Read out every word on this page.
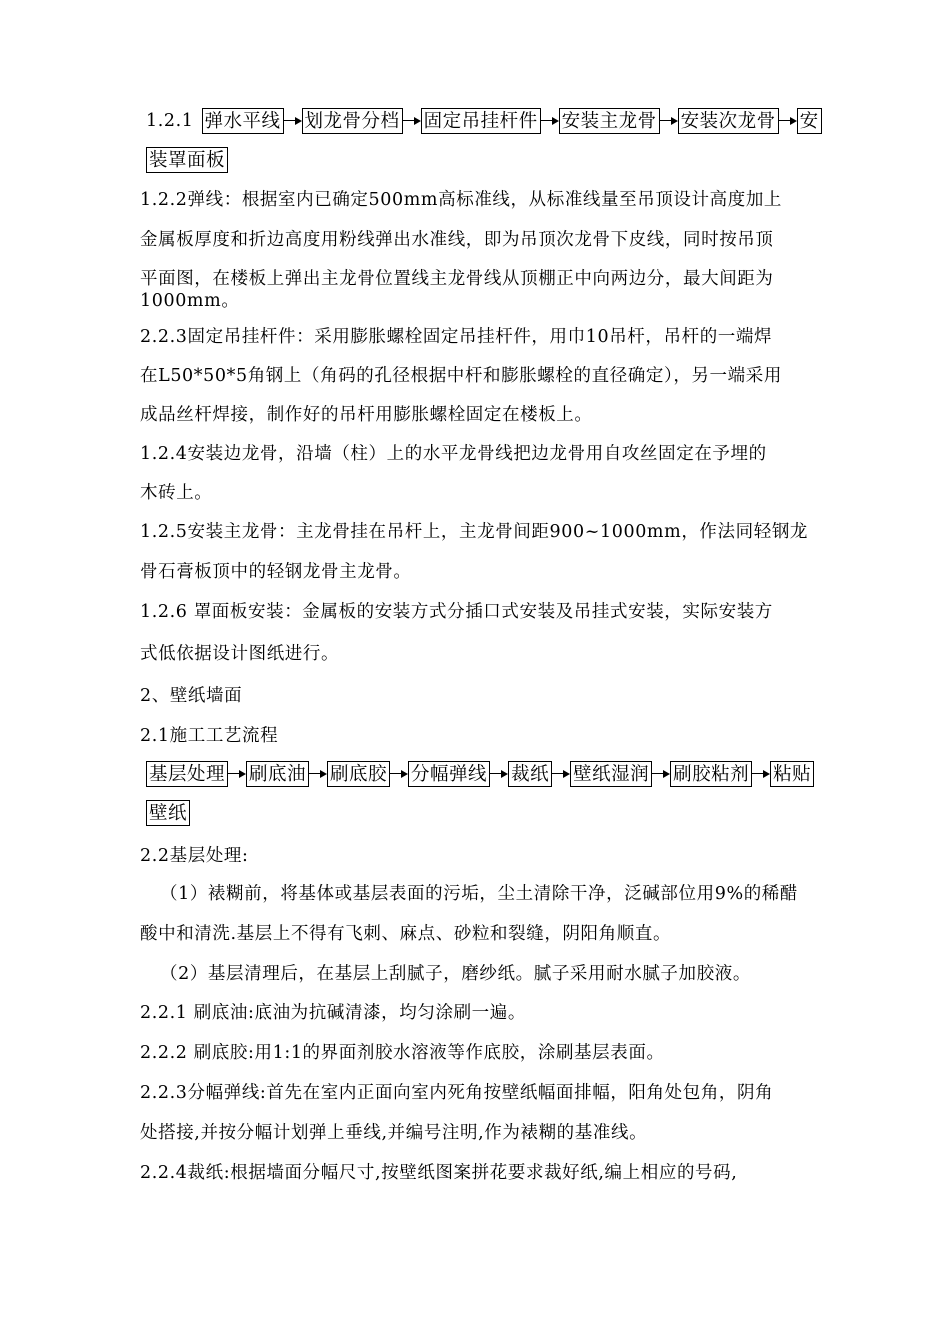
1.2.1 弹水平线 划龙骨分档 固定吊挂杆件 安装主龙骨 安装次龙骨 安
装罩面板
1.2.2弹线：根据室内已确定500mm高标准线，从标准线量至吊顶设计高度加上
金属板厚度和折边高度用粉线弹出水准线，即为吊顶次龙骨下皮线，同时按吊顶
平面图，在楼板上弹出主龙骨位置线主龙骨线从顶棚正中向两边分，最大间距为
1000mm。
2.2.3固定吊挂杆件：采用膨胀螺栓固定吊挂杆件，用巾10吊杆，吊杆的一端焊
在L50*50*5角钢上（角码的孔径根据中杆和膨胀螺栓的直径确定），另一端采用
成品丝杆焊接，制作好的吊杆用膨胀螺栓固定在楼板上。
1.2.4安装边龙骨，沿墙（柱）上的水平龙骨线把边龙骨用自攻丝固定在予埋的
木砖上。
1.2.5安装主龙骨：主龙骨挂在吊杆上，主龙骨间距900~1000mm，作法同轻钢龙
骨石膏板顶中的轻钢龙骨主龙骨。
1.2.6 罩面板安装：金属板的安装方式分插口式安装及吊挂式安装，实际安装方
式低依据设计图纸进行。
2、壁纸墙面
2.1施工工艺流程
基层处理 刷底油 刷底胶 分幅弹线 裁纸 壁纸湿润 刷胶粘剂 粘贴
壁纸
2.2基层处理:
（1）裱糊前，将基体或基层表面的污垢，尘土清除干净，泛碱部位用9%的稀醋
酸中和清洗.基层上不得有飞刺、麻点、砂粒和裂缝，阴阳角顺直。
（2）基层清理后，在基层上刮腻子，磨纱纸。腻子采用耐水腻子加胶液。
2.2.1 刷底油:底油为抗碱清漆，均匀涂刷一遍。
2.2.2 刷底胶:用1:1的界面剂胶水溶液等作底胶，涂刷基层表面。
2.2.3分幅弹线:首先在室内正面向室内死角按壁纸幅面排幅，阳角处包角，阴角
处搭接,并按分幅计划弹上垂线,并编号注明,作为裱糊的基准线。
2.2.4裁纸:根据墙面分幅尺寸,按壁纸图案拼花要求裁好纸,编上相应的号码,
